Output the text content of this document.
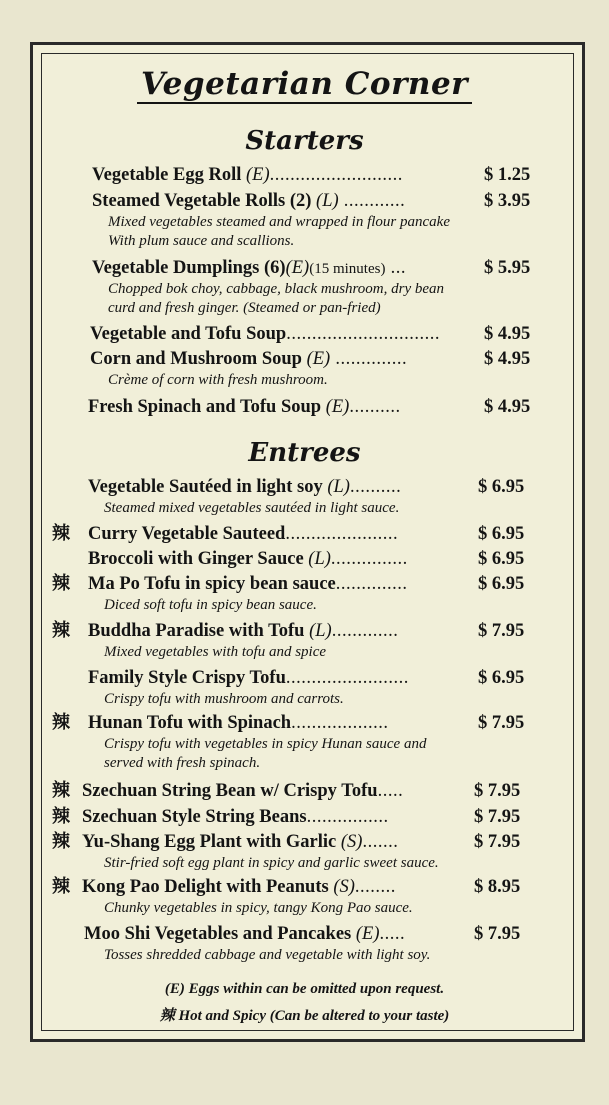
Vegetarian Corner
Starters
Vegetable Egg Roll (E)..........................	$ 1.25
Steamed Vegetable Rolls (2) (L) ............	$ 3.95
Mixed vegetables steamed and wrapped in flour pancake
With plum sauce and scallions.
Vegetable Dumplings (6)(E)(15 minutes) ...	$ 5.95
Chopped bok choy, cabbage, black mushroom, dry bean
curd and fresh ginger. (Steamed or pan-fried)
Vegetable and Tofu Soup.............................. $ 4.95
Corn and Mushroom Soup (E) ..............	$ 4.95
Crème of corn with fresh mushroom.
Fresh Spinach and Tofu Soup (E)..........	$ 4.95
Entrees
Vegetable Sautéed in light soy (L)..........	$ 6.95
Steamed mixed vegetables sautéed in light sauce.
Curry Vegetable Sauteed......................	$ 6.95
辣
Broccoli with Ginger Sauce (L)...............	$ 6.95
Ma Po Tofu in spicy bean sauce..............	$ 6.95
辣
Diced soft tofu in spicy bean sauce.
Buddha Paradise with Tofu (L).............	$ 7.95
辣
Mixed vegetables with tofu and spice
Family Style Crispy Tofu........................	$ 6.95
Crispy tofu with mushroom and carrots.
Hunan Tofu with Spinach...................	$ 7.95
辣
Crispy tofu with vegetables in spicy Hunan sauce and
served with fresh spinach.
Szechuan String Bean w/ Crispy Tofu.....	$ 7.95
辣
Szechuan Style String Beans................	$ 7.95
辣
Yu-Shang Egg Plant with Garlic (S).......	$ 7.95
辣
Stir-fried soft egg plant in spicy and garlic sweet sauce.
Kong Pao Delight with Peanuts (S)........	$ 8.95
辣
Chunky vegetables in spicy, tangy Kong Pao sauce.
Moo Shi Vegetables and Pancakes (E).....	$ 7.95
Tosses shredded cabbage and vegetable with light soy.
(E) Eggs within can be omitted upon request.
辣 Hot and Spicy (Can be altered to your taste)
